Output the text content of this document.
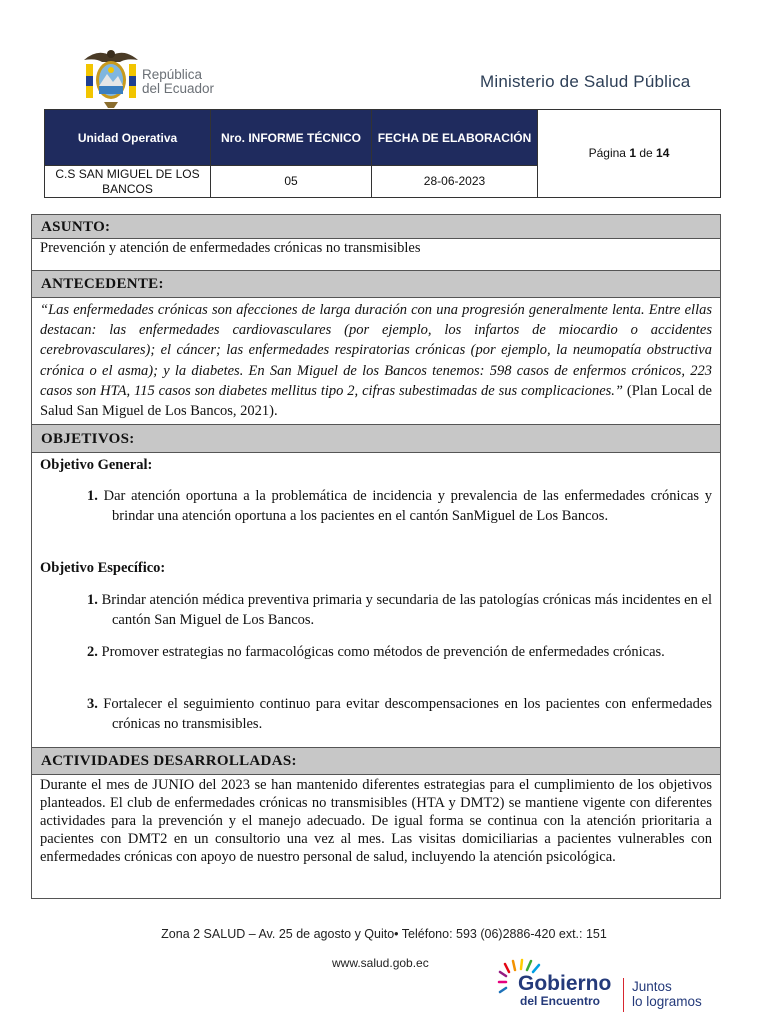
República
del Ecuador	Ministerio de Salud Pública
Unidad Operativa	Nro. INFORME TÉCNICO	FECHA DE ELABORACIÓN	Página 1 de 14

C.S SAN MIGUEL DE LOS
BANCOS	05	28-06-2023	
ASUNTO:
Prevención y atención de enfermedades crónicas no transmisibles
ANTECEDENTE:
“Las enfermedades crónicas son afecciones de larga duración con una progresión generalmente lenta. Entre ellas destacan: las enfermedades cardiovasculares (por ejemplo, los infartos de miocardio o accidentes cerebrovasculares); el cáncer; las enfermedades respiratorias crónicas (por ejemplo, la neumopatía obstructiva crónica o el asma); y la diabetes. En San Miguel de los Bancos tenemos: 598 casos de enfermos crónicos, 223 casos son HTA, 115 casos son diabetes mellitus tipo 2, cifras subestimadas de sus complicaciones.” (Plan Local de Salud San Miguel de Los Bancos, 2021).
OBJETIVOS:
Objetivo General:
1. Dar atención oportuna a la problemática de incidencia y prevalencia de las enfermedades crónicas y brindar una atención oportuna a los pacientes en el cantón SanMiguel de Los Bancos.
Objetivo Específico:
1. Brindar atención médica preventiva primaria y secundaria de las patologías crónicas más incidentes en el cantón San Miguel de Los Bancos.
2. Promover estrategias no farmacológicas como métodos de prevención de enfermedades crónicas.
3. Fortalecer el seguimiento continuo para evitar descompensaciones en los pacientes con enfermedades crónicas no transmisibles.
ACTIVIDADES DESARROLLADAS:
Durante el mes de JUNIO del 2023 se han mantenido diferentes estrategias para el cumplimiento de los objetivos planteados. El club de enfermedades crónicas no transmisibles (HTA y DMT2) se mantiene vigente con diferentes actividades para la prevención y el manejo adecuado. De igual forma se continua con la atención prioritaria a pacientes con DMT2 en un consultorio una vez al mes. Las visitas domiciliarias a pacientes vulnerables con enfermedades crónicas con apoyo de nuestro personal de salud, incluyendo la atención psicológica.
Zona 2 SALUD – Av. 25 de agosto y Quito• Teléfono: 593 (06)2886-420 ext.: 151
www.salud.gob.ec
Gobierno
del Encuentro
Juntos
lo logramos
